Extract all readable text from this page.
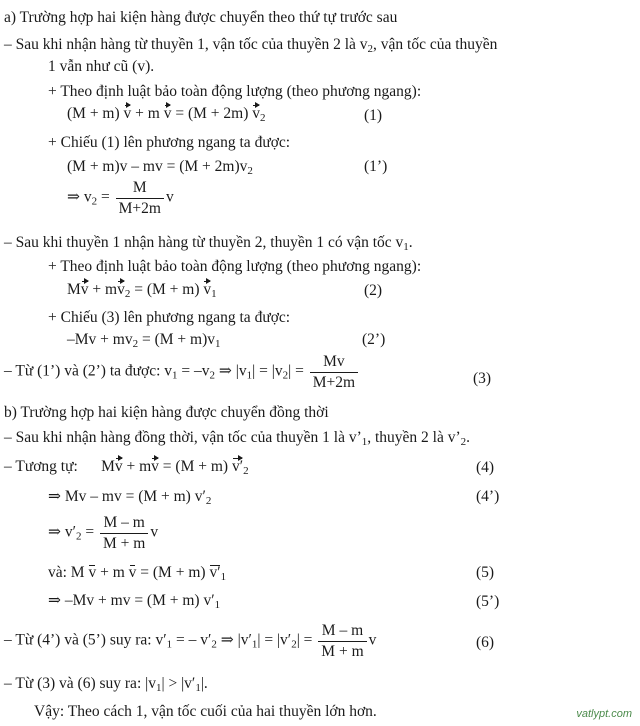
a) Trường hợp hai kiện hàng được chuyển theo thứ tự trước sau
– Sau khi nhận hàng từ thuyền 1, vận tốc của thuyền 2 là $v_2$, vận tốc của thuyền
1 vẫn như cũ (v).
+ Theo định luật bảo toàn động lượng (theo phương ngang):
(M + m) v + m v = (M + 2m) $v_2$	(1)
+ Chiếu (1) lên phương ngang ta được:
(M + m)v – mv = $(M + 2m)v_2$	(1’)
⇒ $v_2 = \frac{M}{M+2m}$ v
– Sau khi thuyền 1 nhận hàng từ thuyền 2, thuyền 1 có vận tốc $v_1$.
+ Theo định luật bảo toàn động lượng (theo phương ngang):
$Mv + mv_2 = (M + m)$ $v_1$	(2)
+ Chiếu (3) lên phương ngang ta được:
$-Mv + mv_2 = (M + m)v_1$	(2’)
– Từ (1’) và (2’) ta được: $v_1 = -v_2$ ⇒ $|v_1| = |v_2| = \frac{Mv}{M+2m}$	(3)
b) Trường hợp hai kiện hàng được chuyển đồng thời
– Sau khi nhận hàng đồng thời, vận tốc của thuyền 1 là $v’_1$, thuyền 2 là $v’_2$.
– Tương tự: Mv + mv = (M + m) $v'_2$	(4)
⇒ Mv – mv = (M + m) $v'_2$	(4’)
⇒ $v'_2 = \frac{M - m}{M + m}$ v
và: M v + m v = (M + m) $v'_1$	(5)
⇒ –Mv + mv = (M + m) $v'_1$	(5’)
– Từ (4’) và (5’) suy ra: $v'_1$ = – $v'_2$ ⇒ $|v'_1| = |v'_2| = \frac{M - m}{M + m}$ v	(6)
– Từ (3) và (6) suy ra: $|v_1| > |v'_1|$.
Vậy: Theo cách 1, vận tốc cuối của hai thuyền lớn hơn.	vatlypt.com
